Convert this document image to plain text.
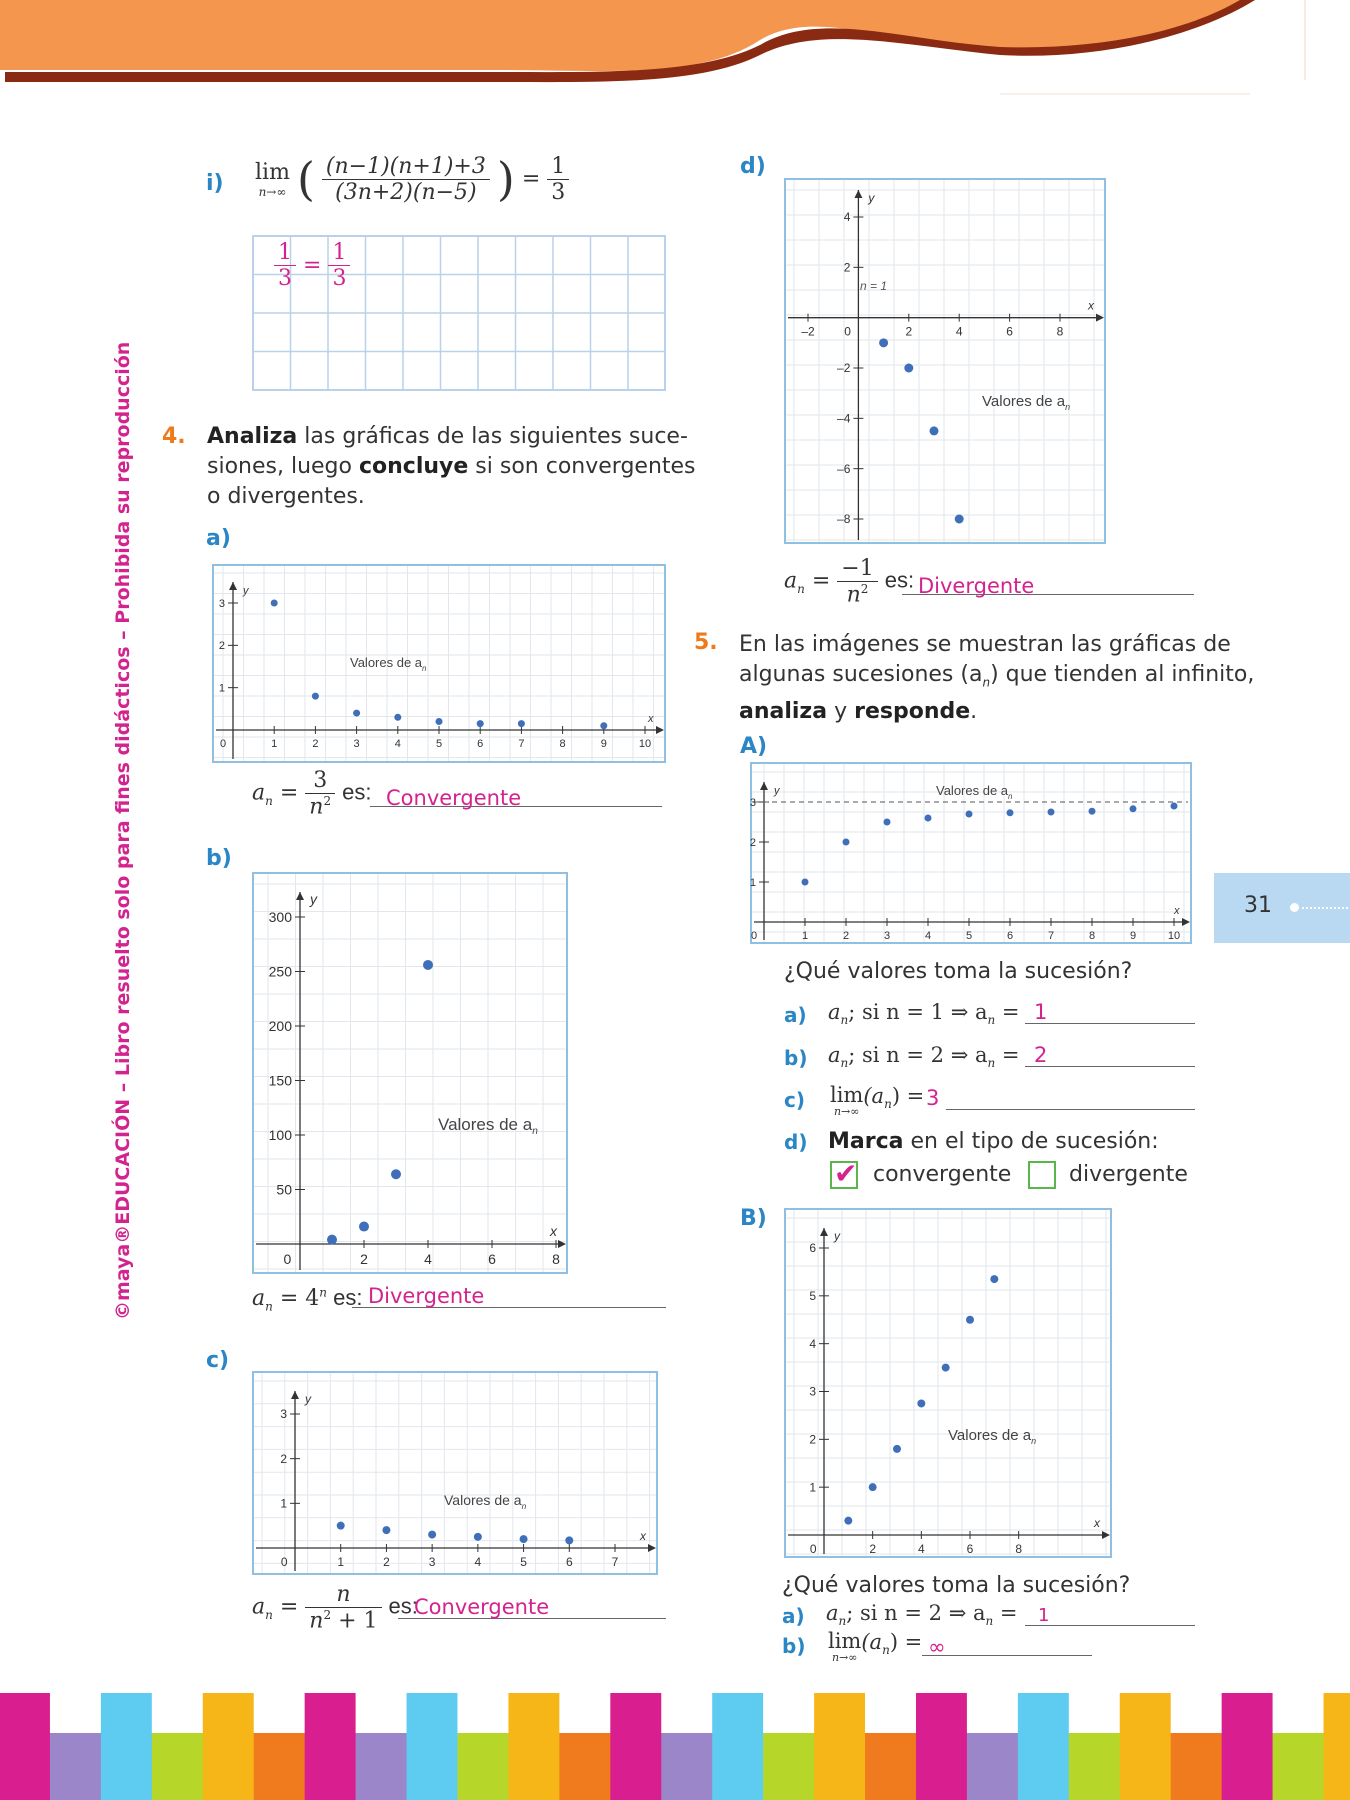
©maya®EDUCACIÓN – Libro resuelto solo para fines didácticos – Prohibida su reproducción	31
i) lim
n→∞ ( $\frac{(n-1)(n+1)+3}{(3n+2)(n-5)}$ ) = $\frac{1}{3}$
$\frac{1}{3} = \frac{1}{3}$
4. Analiza las gráficas de las siguientes suce-
siones, luego concluye si son convergentes
o divergentes.
a)
x
y
0	1	2	3	4	5	6	7	8	9	10
1
2
3
Valores de $a_n$
$a_n = \frac{3}{n^2}$ es: Convergente
b)
x
y
0	2	4	6	8
50
100
150
200
250
300
Valores de $a_n$
$a_n = 4^n$ es: Divergente
c)
x
y
0	1	2	3	4	5	6	7
1
2
3
Valores de $a_n$
$a_n = \frac{n}{n^2 + 1}$ es:
Convergente
d)
x
y
–2 0	2	4	6	8
4
2
–2
–4
–6
–8
Valores de $a_n$
n = 1
$a_n = \frac{-1}{n^2}$ es: Divergente
5. En las imágenes se muestran las gráficas de
algunas sucesiones $(a_n)$ que tienden al infinito,
analiza y responde.
A)
x
y
0	1	2	3	4	5	6	7	8	9	10
1
2
3
Valores de $a_n$
¿Qué valores toma la sucesión?
a) $a_n$; si n = 1 ⇒ $a_n = 1$
b) $a_n$; si n = 2 ⇒ $a_n = 2$
c) lim
n→∞
$(a_n) = 3$
d) Marca en el tipo de sucesión:
✔ convergente	divergente
B)
x
y
0	2	4	6	8
1
2
3
4
5
6
Valores de $a_n$
¿Qué valores toma la sucesión?
a) $a_n$; si n = 2 ⇒ $a_n = 1$
b) lim
n→∞
$(a_n)$ = ∞
